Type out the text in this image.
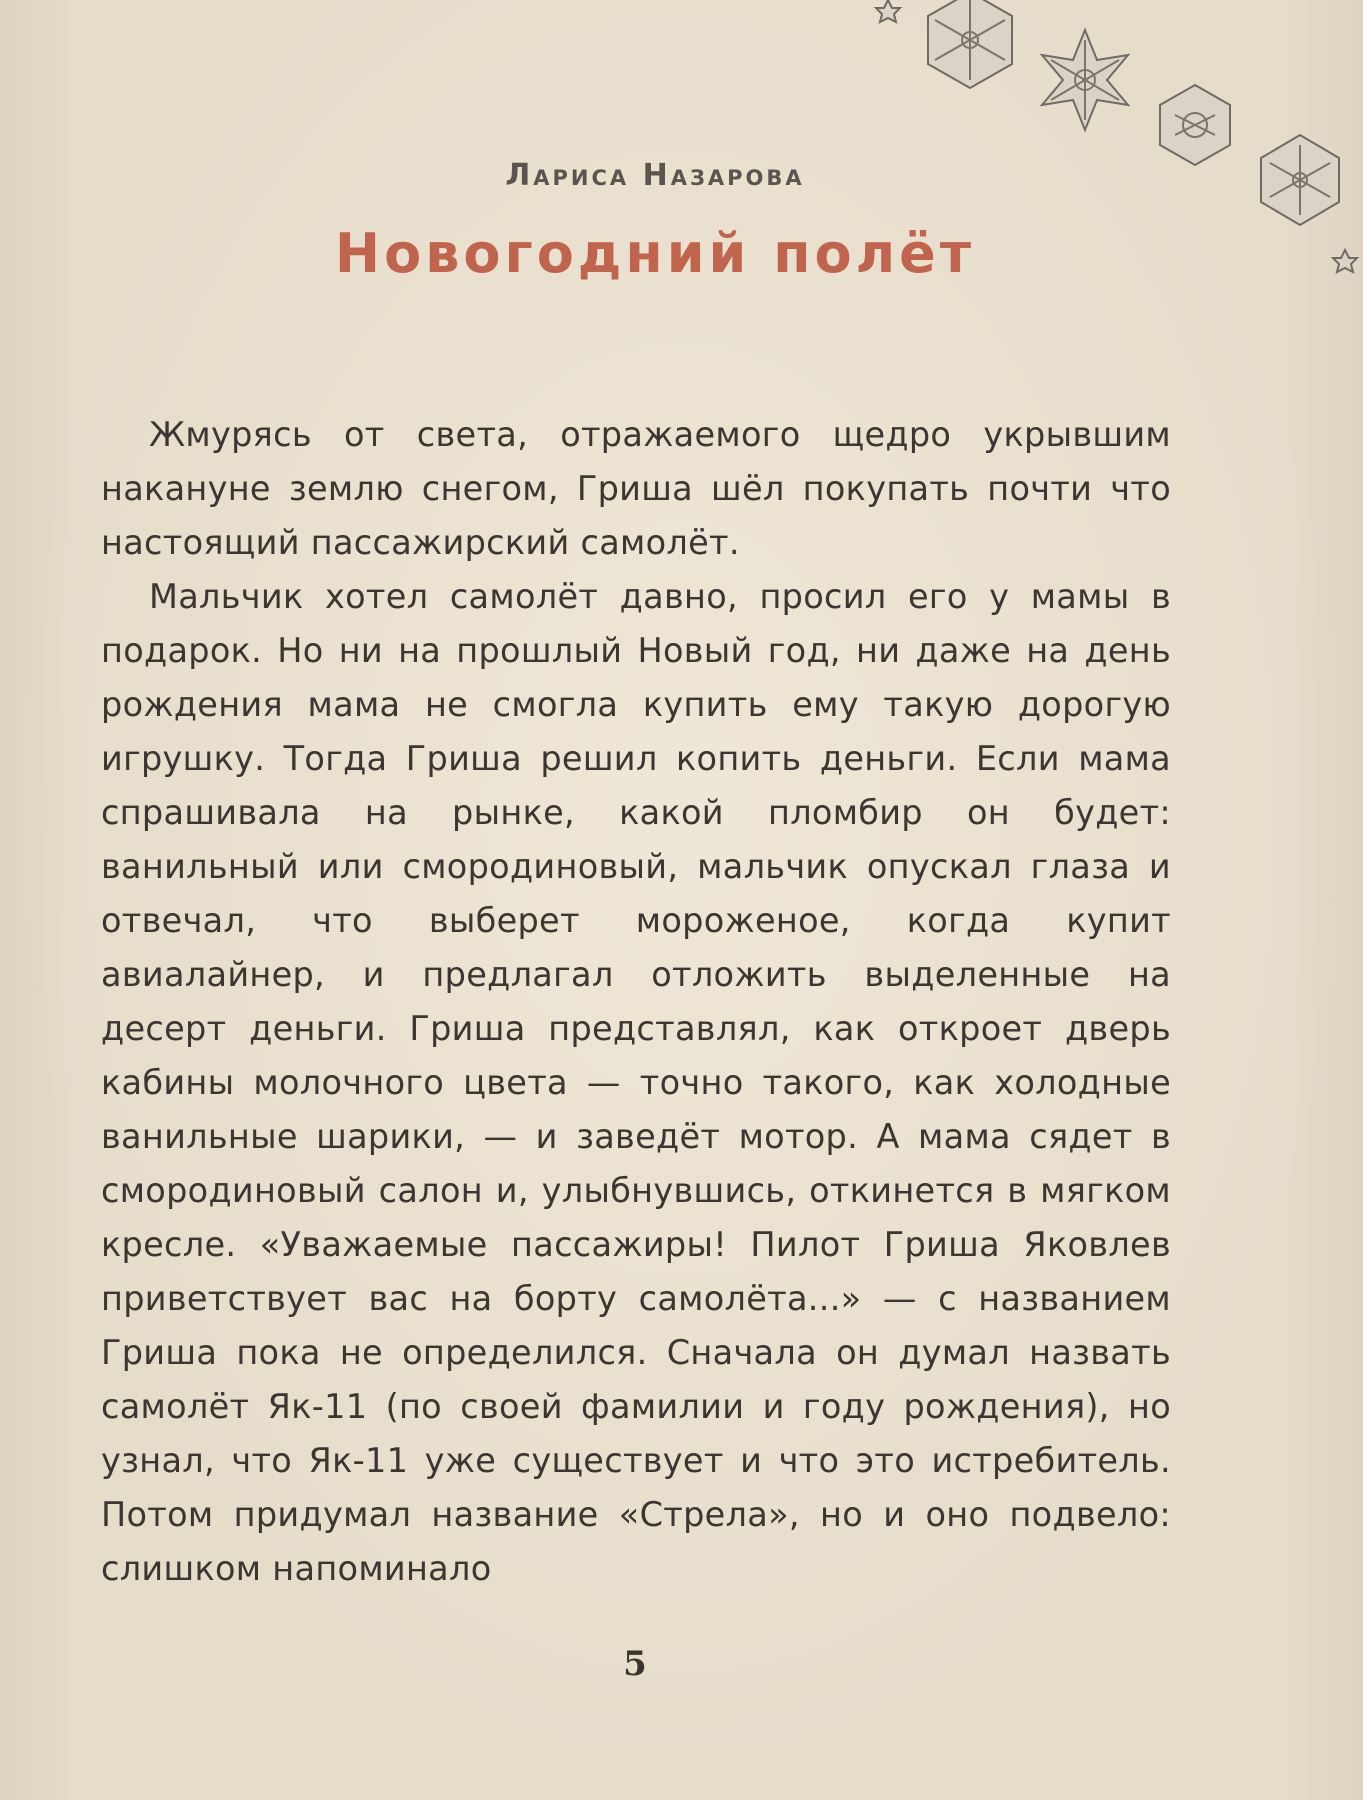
Лариса Назарова
Новогодний полёт

Жмурясь от света, отражаемого щедро укрывшим накануне землю снегом, Гриша шёл покупать почти что настоящий пассажирский самолёт.

Мальчик хотел самолёт давно, просил его у мамы в подарок. Но ни на прошлый Новый год, ни даже на день рождения мама не смогла купить ему такую дорогую игрушку. Тогда Гриша решил копить деньги. Если мама спрашивала на рынке, какой пломбир он будет: ванильный или смородиновый, мальчик опускал глаза и отвечал, что выберет мороженое, когда купит авиалайнер, и предлагал отложить выделенные на десерт деньги. Гриша представлял, как откроет дверь кабины молочного цвета — точно такого, как холодные ванильные шарики, — и заведёт мотор. А мама сядет в смородиновый салон и, улыбнувшись, откинется в мягком кресле. «Уважаемые пассажиры! Пилот Гриша Яковлев приветствует вас на борту самолёта...» — с названием Гриша пока не определился. Сначала он думал назвать самолёт Як-11 (по своей фамилии и году рождения), но узнал, что Як-11 уже существует и что это истребитель. Потом придумал название «Стрела», но и оно подвело: слишком напоминало

5
